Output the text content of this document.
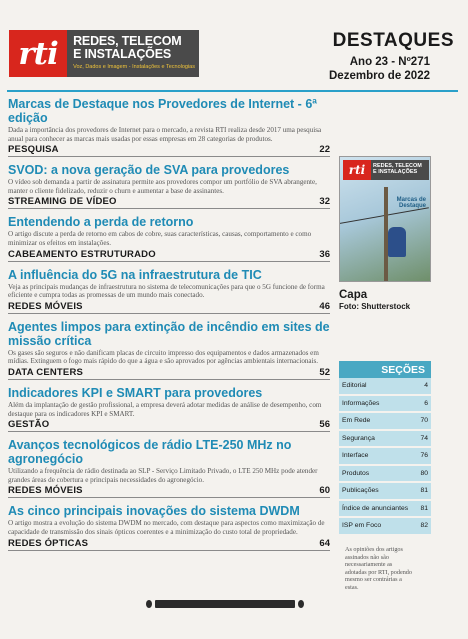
rti	REDES, TELECOM
E INSTALAÇÕES
Voz, Dados e Imagem - Instalações e Tecnologias
DESTAQUES
Ano 23 - Nº271
Dezembro de 2022
Marcas de Destaque nos Provedores de Internet - 6ª edição
Dada a importância dos provedores de Internet para o mercado, a revista RTI realiza desde 2017 uma pesquisa anual para conhecer as marcas mais usadas por essas empresas em 28 categorias de produtos.
PESQUISA	22
SVOD: a nova geração de SVA para provedores
O vídeo sob demanda a partir de assinatura permite aos provedores compor um portfólio de SVA abrangente, manter o cliente fidelizado, reduzir o churn e aumentar a base de assinantes.
STREAMING DE VÍDEO	32
Entendendo a perda de retorno
O artigo discute a perda de retorno em cabos de cobre, suas características, causas, comportamento e como minimizar os efeitos em instalações.
CABEAMENTO ESTRUTURADO	36
A influência do 5G na infraestrutura de TIC
Veja as principais mudanças de infraestrutura no sistema de telecomunicações para que o 5G funcione de forma eficiente e cumpra todas as promessas de um mundo mais conectado.
REDES MÓVEIS	46
Agentes limpos para extinção de incêndio em sites de missão crítica
Os gases são seguros e não danificam placas de circuito impresso dos equipamentos e dados armazenados em mídias. Extinguem o fogo mais rápido do que a água e são aprovados por agências ambientais internacionais.
DATA CENTERS	52
Indicadores KPI e SMART para provedores
Além da implantação de gestão profissional, a empresa deverá adotar medidas de análise de desempenho, com destaque para os indicadores KPI e SMART.
GESTÃO	56
Avanços tecnológicos de rádio LTE-250 MHz no agronegócio
Utilizando a frequência de rádio destinada ao SLP - Serviço Limitado Privado, o LTE 250 MHz pode atender grandes áreas de cobertura e principais necessidades do agronegócio.
REDES MÓVEIS	60
As cinco principais inovações do sistema DWDM
O artigo mostra a evolução do sistema DWDM no mercado, com destaque para aspectos como maximização de capacidade de transmissão dos sinais ópticos coerentes e a minimização do custo total de propriedade.
REDES ÓPTICAS	64
rti	REDES, TELECOM E INSTALAÇÕES
Marcas de Destaque
Capa
Foto: Shutterstock
SEÇÕES
Editorial	4
Informações	6
Em Rede	70
Segurança	74
Interface	76
Produtos	80
Publicações	81
Índice de anunciantes 81
ISP em Foco	82
As opiniões dos artigos assinados não são necessariamente as adotadas por RTI, podendo mesmo ser contrárias a estas.
